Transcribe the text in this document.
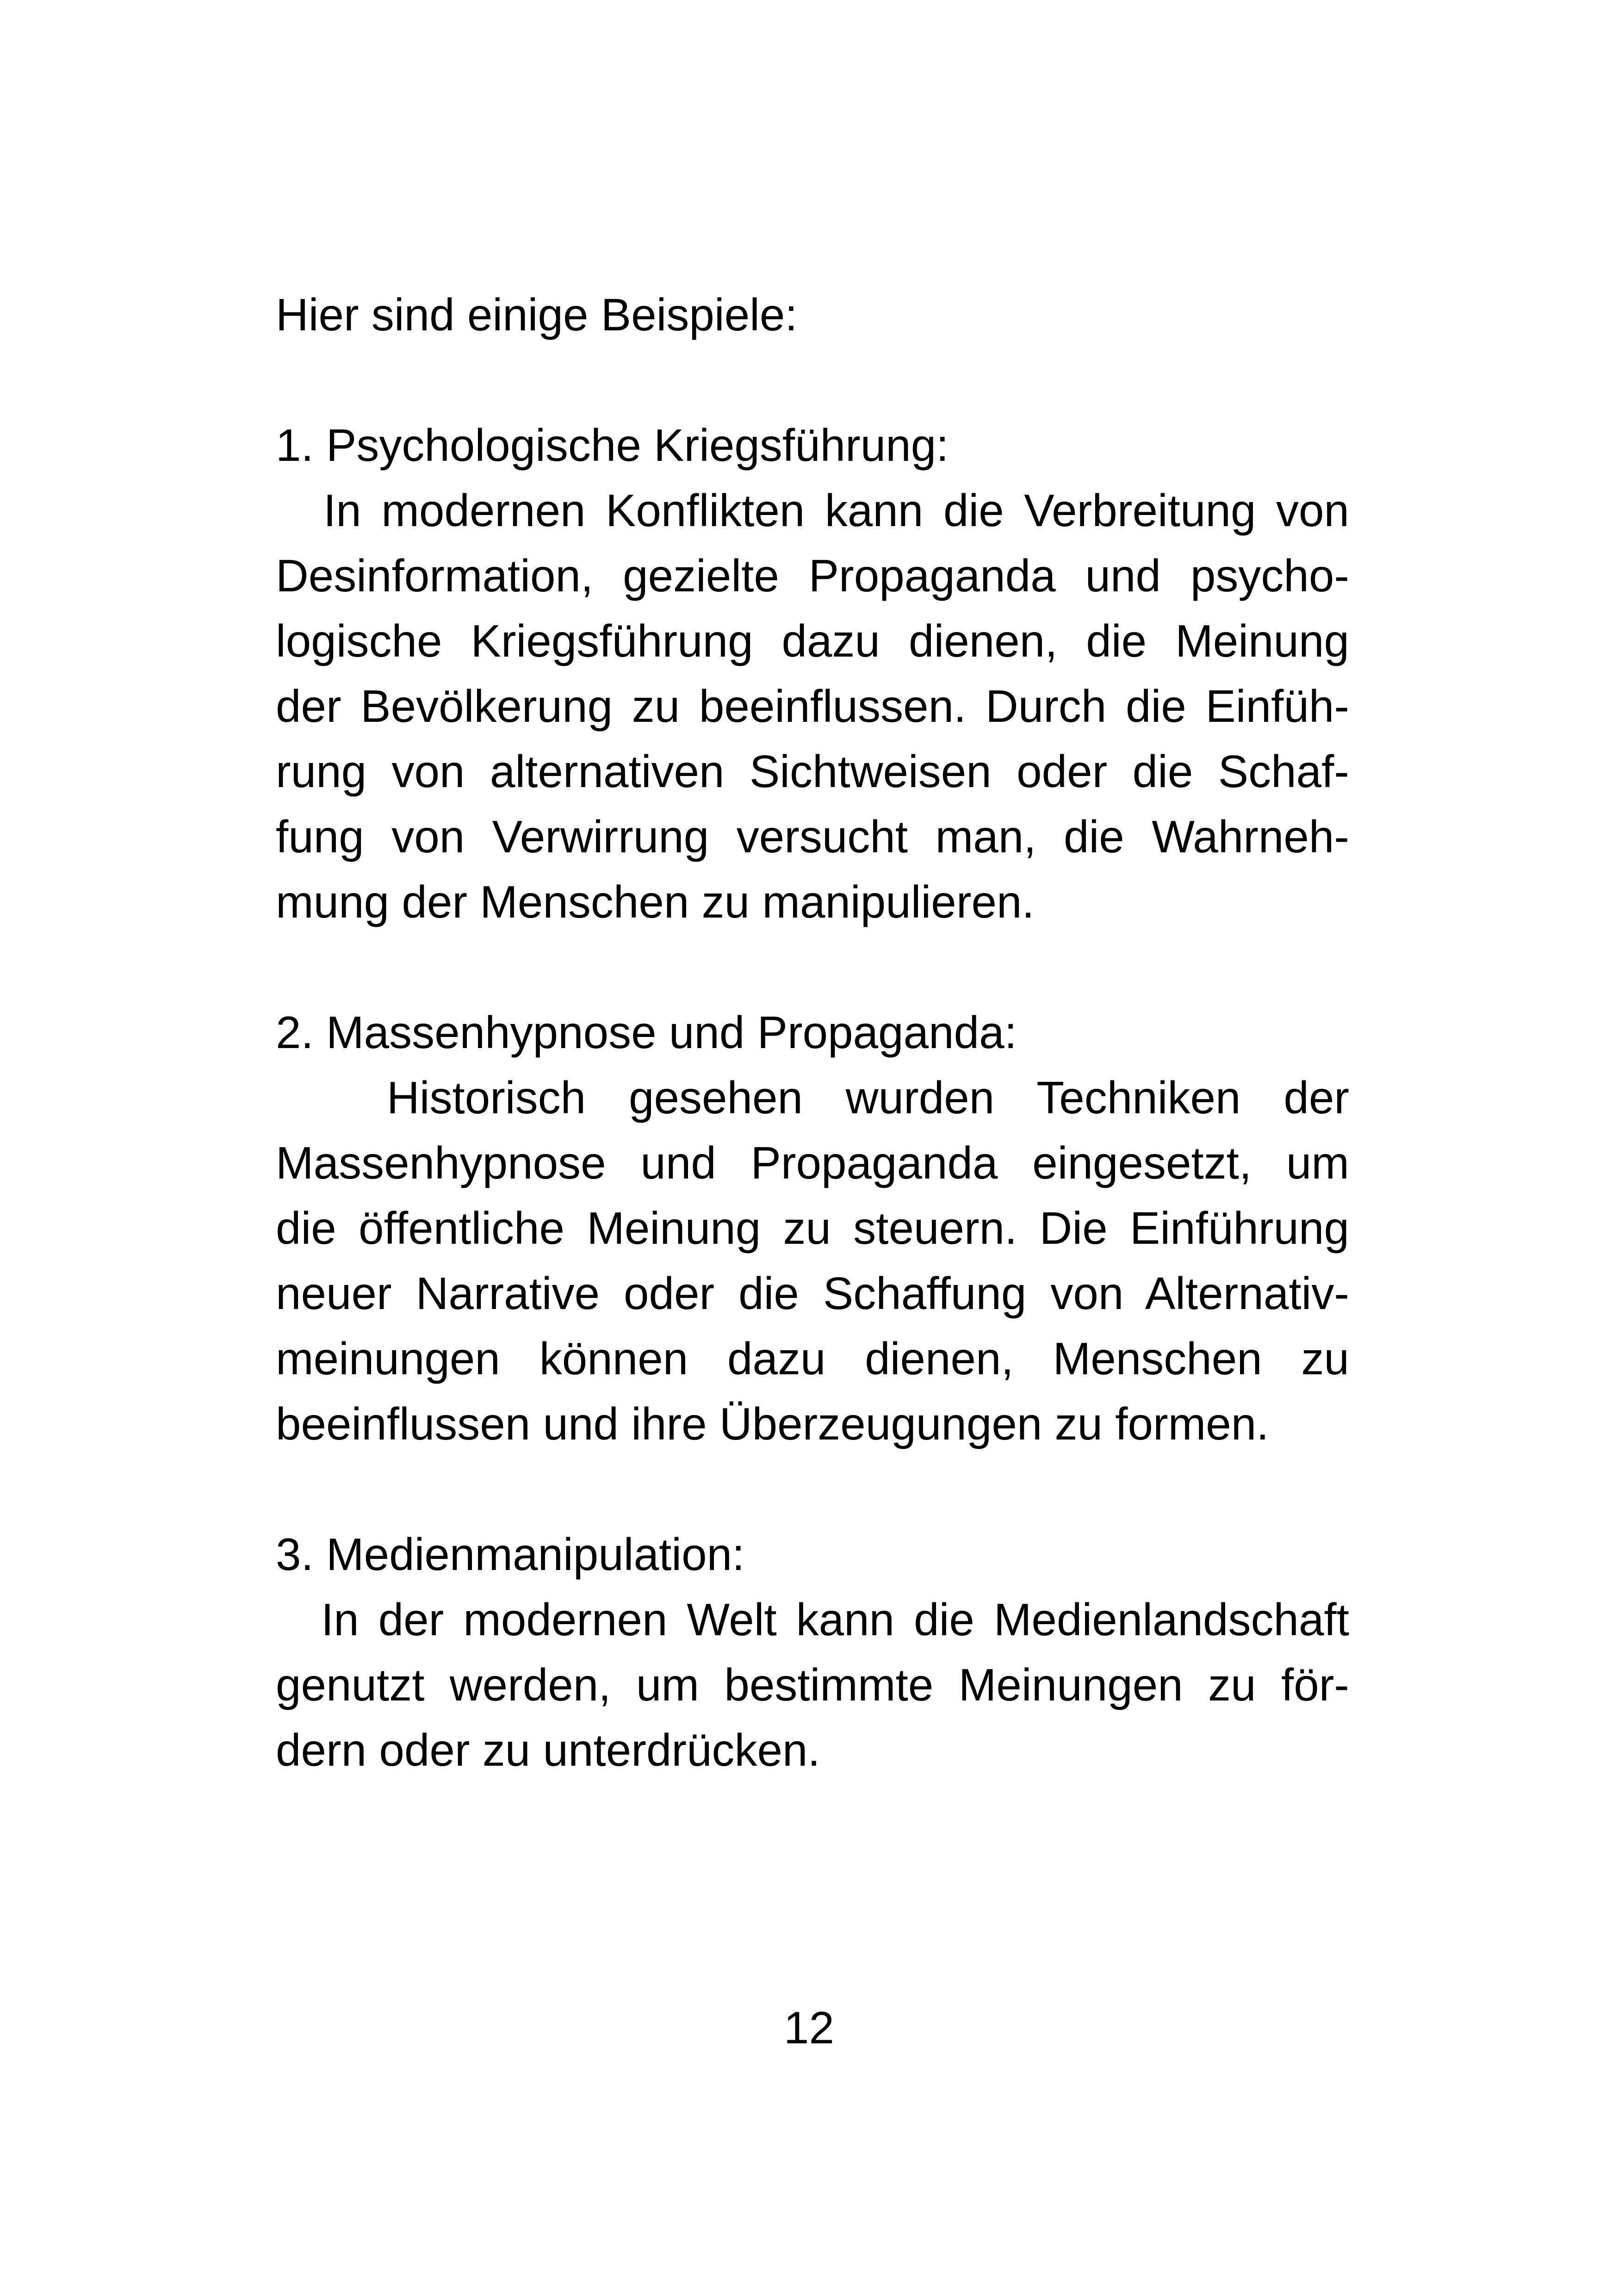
Hier sind einige Beispiele:

1. Psychologische Kriegsführung:

In modernen Konflikten kann die Verbreitung von
Desinformation, gezielte Propaganda und psycho-
logische Kriegsführung dazu dienen, die Meinung
der Bevölkerung zu beeinflussen. Durch die Einfüh-
rung von alternativen Sichtweisen oder die Schaf-
fung von Verwirrung versucht man, die Wahrneh-
mung der Menschen zu manipulieren.

2. Massenhypnose und Propaganda:

Historisch gesehen wurden Techniken der
Massenhypnose und Propaganda eingesetzt, um
die öffentliche Meinung zu steuern. Die Einführung
neuer Narrative oder die Schaffung von Alternativ-
meinungen können dazu dienen, Menschen zu
beeinflussen und ihre Überzeugungen zu formen.

3. Medienmanipulation:

In der modernen Welt kann die Medienlandschaft
genutzt werden, um bestimmte Meinungen zu för-
dern oder zu unterdrücken.
12
